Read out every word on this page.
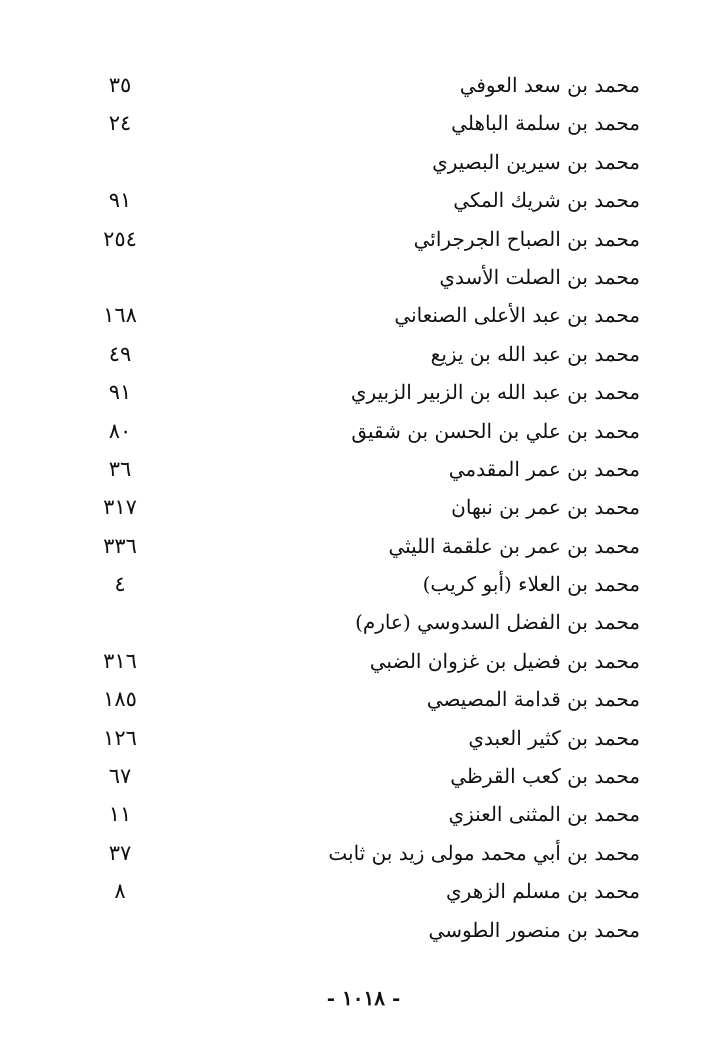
محمد بن سعد العوفي
٣٥
محمد بن سلمة الباهلي
٢٤
محمد بن سيرين البصيري
محمد بن شريك المكي
٩١
محمد بن الصباح الجرجرائي
٢٥٤
محمد بن الصلت الأسدي
محمد بن عبد الأعلى الصنعاني
١٦٨
محمد بن عبد الله بن يزيع
٤٩
محمد بن عبد الله بن الزبير الزبيري
٩١
محمد بن علي بن الحسن بن شقيق
٨٠
محمد بن عمر المقدمي
٣٦
محمد بن عمر بن نبهان
٣١٧
محمد بن عمر بن علقمة الليثي
٣٣٦
محمد بن العلاء (أبو كريب)
٤
محمد بن الفضل السدوسي (عارم)
محمد بن فضيل بن غزوان الضبي
٣١٦
محمد بن قدامة المصيصي
١٨٥
محمد بن كثير العبدي
١٢٦
محمد بن كعب القرظي
٦٧
محمد بن المثنى العنزي
١١
محمد بن أبي محمد مولى زيد بن ثابت
٣٧
محمد بن مسلم الزهري
٨
محمد بن منصور الطوسي
- ١٠١٨ -
